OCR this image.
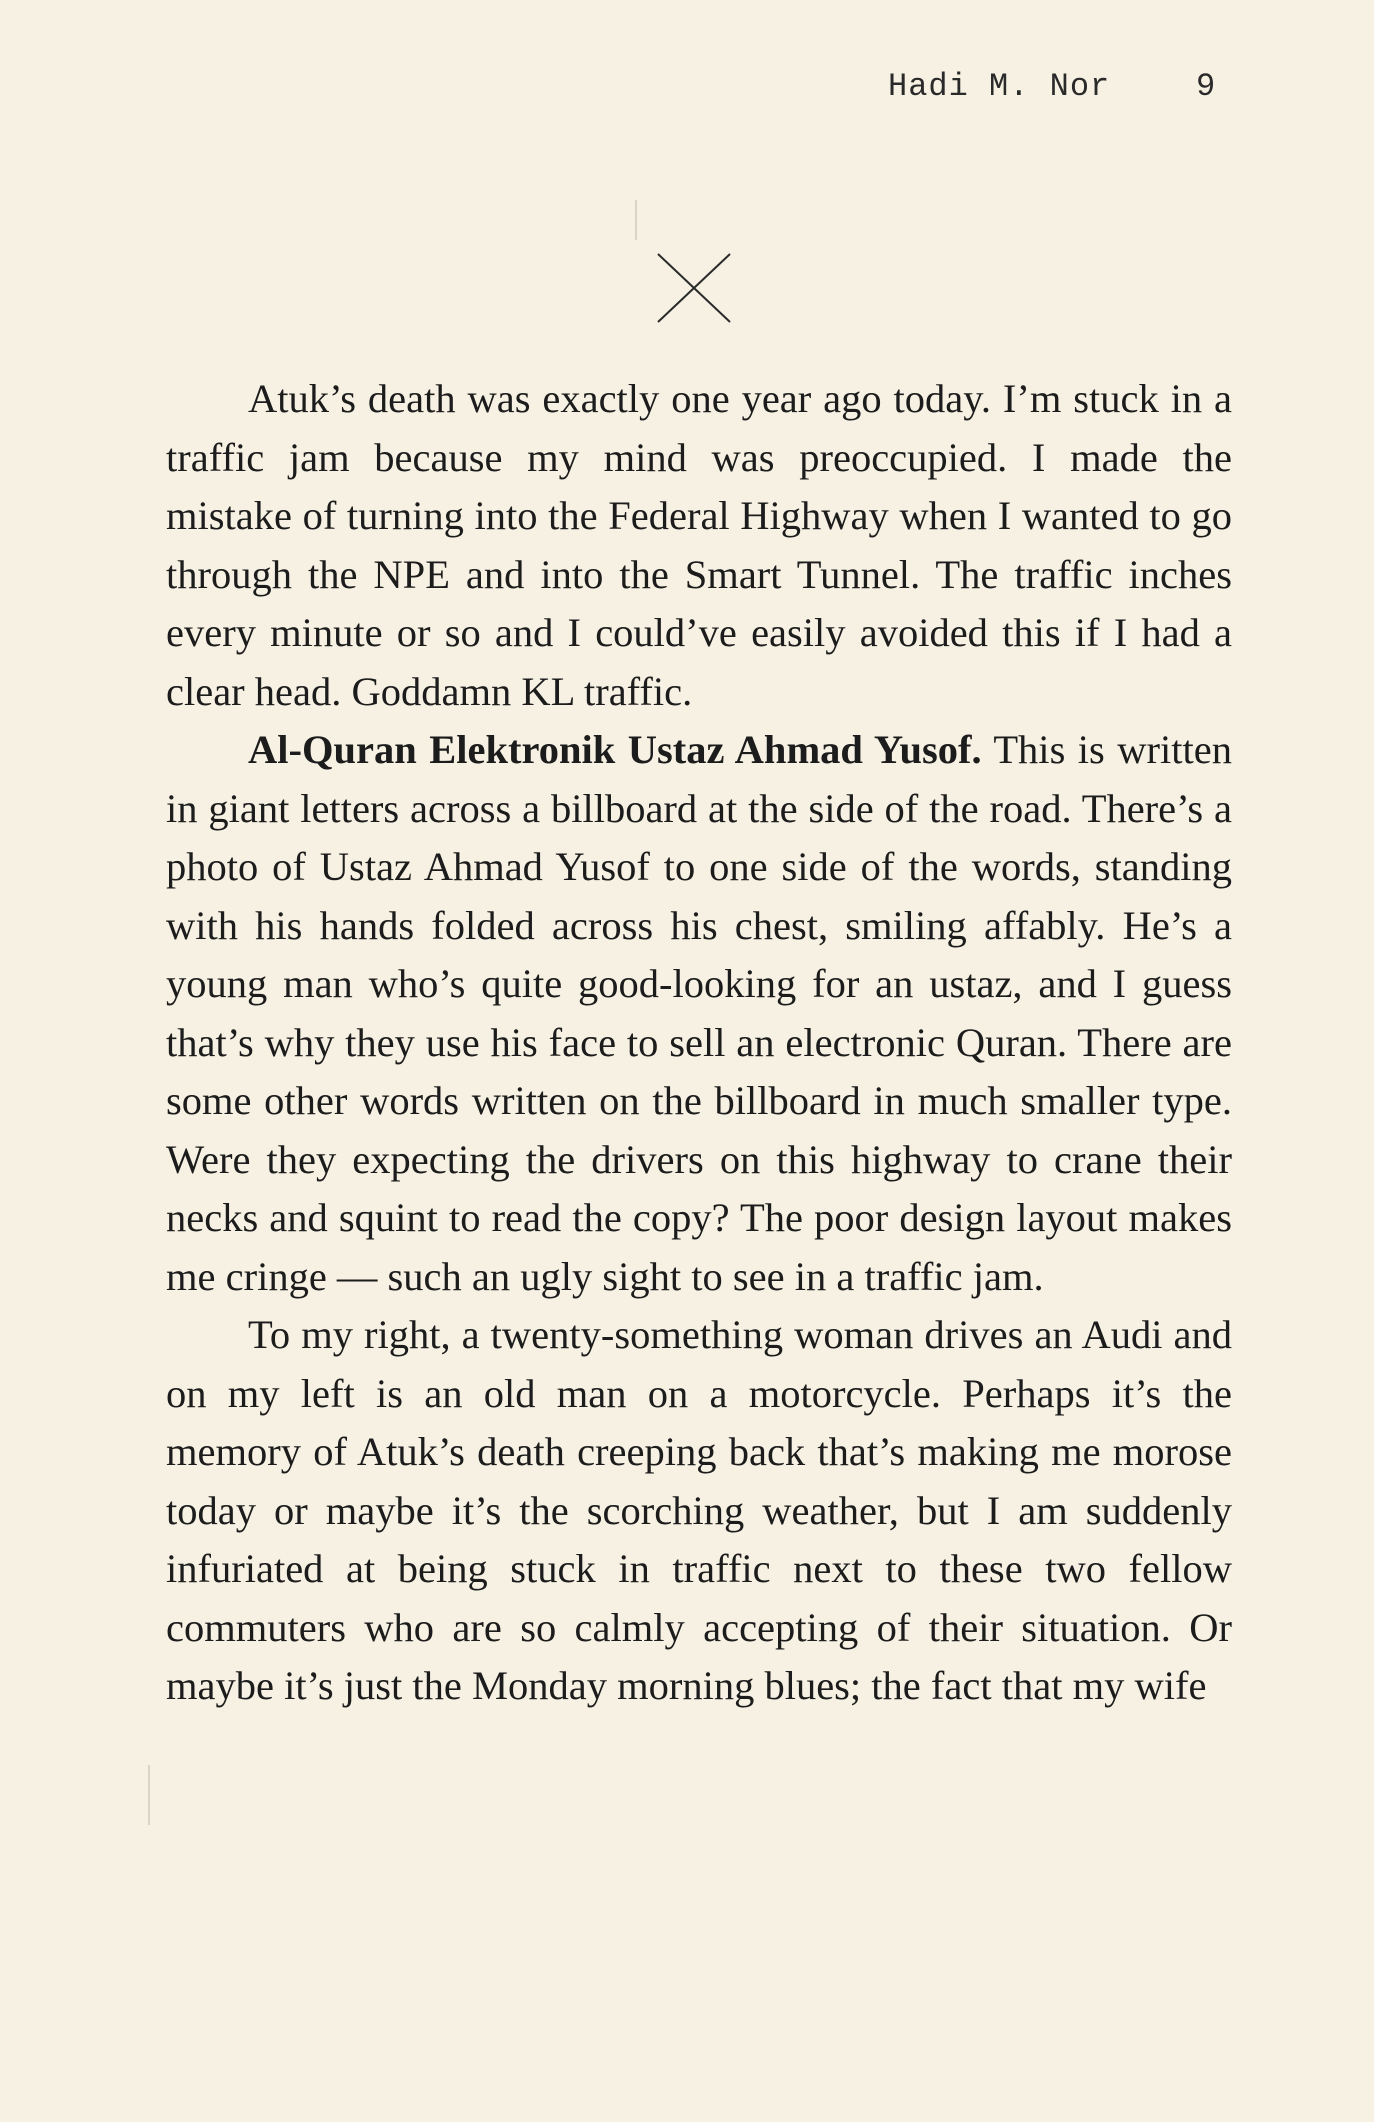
Hadi M. Nor	9

Atuk’s death was exactly one year ago today. I’m stuck in a traffic jam because my mind was preoccupied. I made the mistake of turning into the Federal Highway when I wanted to go through the NPE and into the Smart Tunnel. The traffic inches every minute or so and I could’ve easily avoided this if I had a clear head. Goddamn KL traffic.

Al-Quran Elektronik Ustaz Ahmad Yusof. This is written in giant letters across a billboard at the side of the road. There’s a photo of Ustaz Ahmad Yusof to one side of the words, standing with his hands folded across his chest, smiling affably. He’s a young man who’s quite good-looking for an ustaz, and I guess that’s why they use his face to sell an electronic Quran. There are some other words written on the billboard in much smaller type. Were they expecting the drivers on this highway to crane their necks and squint to read the copy? The poor design layout makes me cringe — such an ugly sight to see in a traffic jam.

To my right, a twenty-something woman drives an Audi and on my left is an old man on a motorcycle. Perhaps it’s the memory of Atuk’s death creeping back that’s making me morose today or maybe it’s the scorching weather, but I am suddenly infuriated at being stuck in traffic next to these two fellow commuters who are so calmly accepting of their situation. Or maybe it’s just the Monday morning blues; the fact that my wife
